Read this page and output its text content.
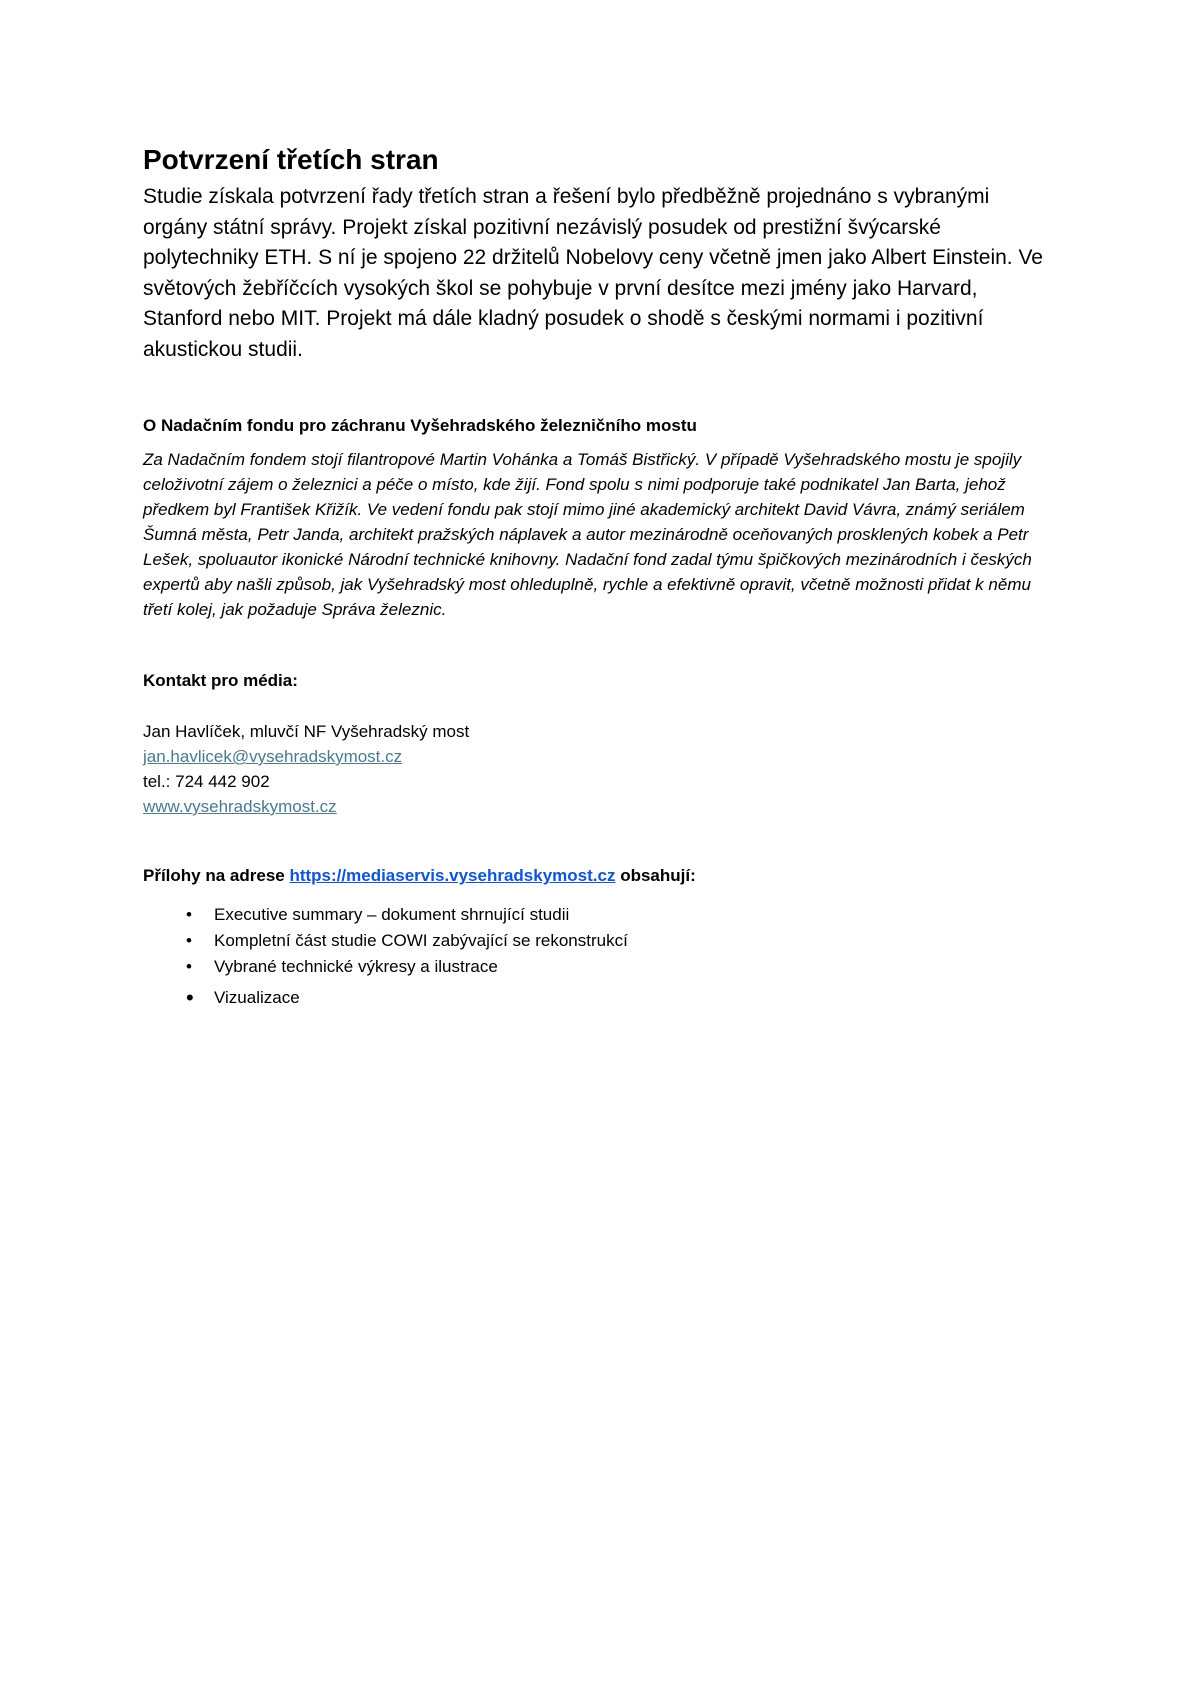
Potvrzení třetích stran

Studie získala potvrzení řady třetích stran a řešení bylo předběžně projednáno s vybranými orgány státní správy. Projekt získal pozitivní nezávislý posudek od prestižní švýcarské polytechniky ETH. S ní je spojeno 22 držitelů Nobelovy ceny včetně jmen jako Albert Einstein. Ve světových žebříčcích vysokých škol se pohybuje v první desítce mezi jmény jako Harvard, Stanford nebo MIT. Projekt má dále kladný posudek o shodě s českými normami i pozitivní akustickou studii.

O Nadačním fondu pro záchranu Vyšehradského železničního mostu

Za Nadačním fondem stojí filantropové Martin Vohánka a Tomáš Bistřický. V případě Vyšehradského mostu je spojily celoživotní zájem o železnici a péče o místo, kde žijí. Fond spolu s nimi podporuje také podnikatel Jan Barta, jehož předkem byl František Křižík. Ve vedení fondu pak stojí mimo jiné akademický architekt David Vávra, známý seriálem Šumná města, Petr Janda, architekt pražských náplavek a autor mezinárodně oceňovaných prosklených kobek a Petr Lešek, spoluautor ikonické Národní technické knihovny. Nadační fond zadal týmu špičkových mezinárodních i českých expertů aby našli způsob, jak Vyšehradský most ohleduplně, rychle a efektivně opravit, včetně možnosti přidat k němu třetí kolej, jak požaduje Správa železnic.

Kontakt pro média:
Jan Havlíček, mluvčí NF Vyšehradský most
jan.havlicek@vysehradskymost.cz
tel.: 724 442 902
www.vysehradskymost.cz
Přílohy na adrese https://mediaservis.vysehradskymost.cz obsahují:
•	Executive summary – dokument shrnující studii
•	Kompletní část studie COWI zabývající se rekonstrukcí
•	Vybrané technické výkresy a ilustrace
•	Vizualizace
